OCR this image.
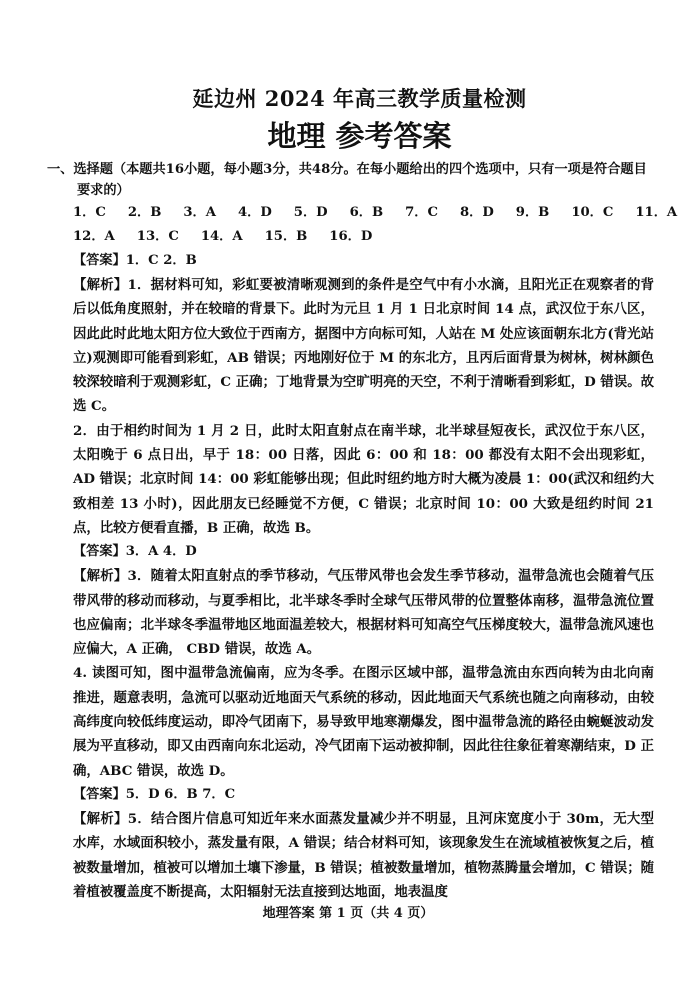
延边州 2024 年高三教学质量检测
地理 参考答案
一、选择题（本题共16小题，每小题3分，共48分。在每小题给出的四个选项中，只有一项是符合题目要求的）
1．C 2．B 3．A 4．D 5．D 6．B 7．C 8．D 9．B 10．C 11．A
12．A 13．C 14．A 15．B 16．D
【答案】1．C 2．B
【解析】1．据材料可知，彩虹要被清晰观测到的条件是空气中有小水滴，且阳光正在观察者的背后以低角度照射，并在较暗的背景下。此时为元旦 1 月 1 日北京时间 14 点，武汉位于东八区，因此此时此地太阳方位大致位于西南方，据图中方向标可知，人站在 M 处应该面朝东北方(背光站立)观测即可能看到彩虹，AB 错误；丙地刚好位于 M 的东北方，且丙后面背景为树林，树林颜色较深较暗利于观测彩虹，C 正确；丁地背景为空旷明亮的天空，不利于清晰看到彩虹，D 错误。故选 C。
2．由于相约时间为 1 月 2 日，此时太阳直射点在南半球，北半球昼短夜长，武汉位于东八区，太阳晚于 6 点日出，早于 18：00 日落，因此 6：00 和 18：00 都没有太阳不会出现彩虹，AD 错误；北京时间 14：00 彩虹能够出现；但此时纽约地方时大概为凌晨 1：00(武汉和纽约大致相差 13 小时)，因此朋友已经睡觉不方便，C 错误；北京时间 10：00 大致是纽约时间 21 点，比较方便看直播，B 正确，故选 B。
【答案】3．A 4．D
【解析】3．随着太阳直射点的季节移动，气压带风带也会发生季节移动，温带急流也会随着气压带风带的移动而移动，与夏季相比，北半球冬季时全球气压带风带的位置整体南移，温带急流位置也应偏南；北半球冬季温带地区地面温差较大，根据材料可知高空气压梯度较大，温带急流风速也应偏大，A 正确， CBD 错误，故选 A。
4. 读图可知，图中温带急流偏南，应为冬季。在图示区域中部，温带急流由东西向转为由北向南推进，题意表明，急流可以驱动近地面天气系统的移动，因此地面天气系统也随之向南移动，由较高纬度向较低纬度运动，即冷气团南下，易导致甲地寒潮爆发，图中温带急流的路径由蜿蜒波动发展为平直移动，即又由西南向东北运动，冷气团南下运动被抑制，因此往往象征着寒潮结束，D 正确，ABC 错误，故选 D。
【答案】5．D 6．B 7．C
【解析】5．结合图片信息可知近年来水面蒸发量减少并不明显，且河床宽度小于 30m，无大型水库，水域面积较小，蒸发量有限，A 错误；结合材料可知，该现象发生在流域植被恢复之后，植被数量增加，植被可以增加土壤下渗量，B 错误；植被数量增加，植物蒸腾量会增加，C 错误；随着植被覆盖度不断提高，太阳辐射无法直接到达地面，地表温度
地理答案 第 1 页（共 4 页）
